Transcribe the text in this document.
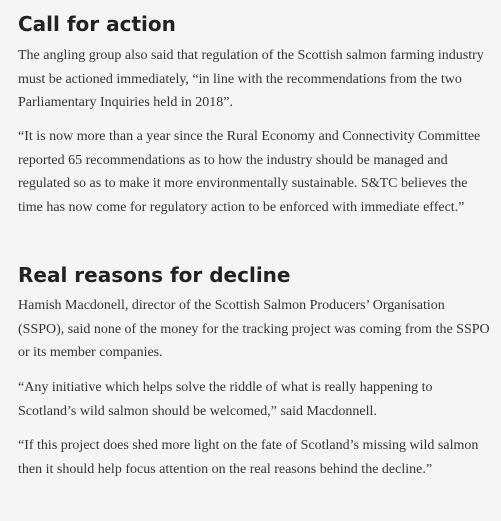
Call for action

The angling group also said that regulation of the Scottish salmon farming industry must be actioned immediately, “in line with the recommendations from the two Parliamentary Inquiries held in 2018”.

“It is now more than a year since the Rural Economy and Connectivity Committee reported 65 recommendations as to how the industry should be managed and regulated so as to make it more environmentally sustainable. S&TC believes the time has now come for regulatory action to be enforced with immediate effect.”

Real reasons for decline

Hamish Macdonell, director of the Scottish Salmon Producers’ Organisation (SSPO), said none of the money for the tracking project was coming from the SSPO or its member companies.

“Any initiative which helps solve the riddle of what is really happening to Scotland’s wild salmon should be welcomed,” said Macdonnell.

“If this project does shed more light on the fate of Scotland’s missing wild salmon then it should help focus attention on the real reasons behind the decline.”
